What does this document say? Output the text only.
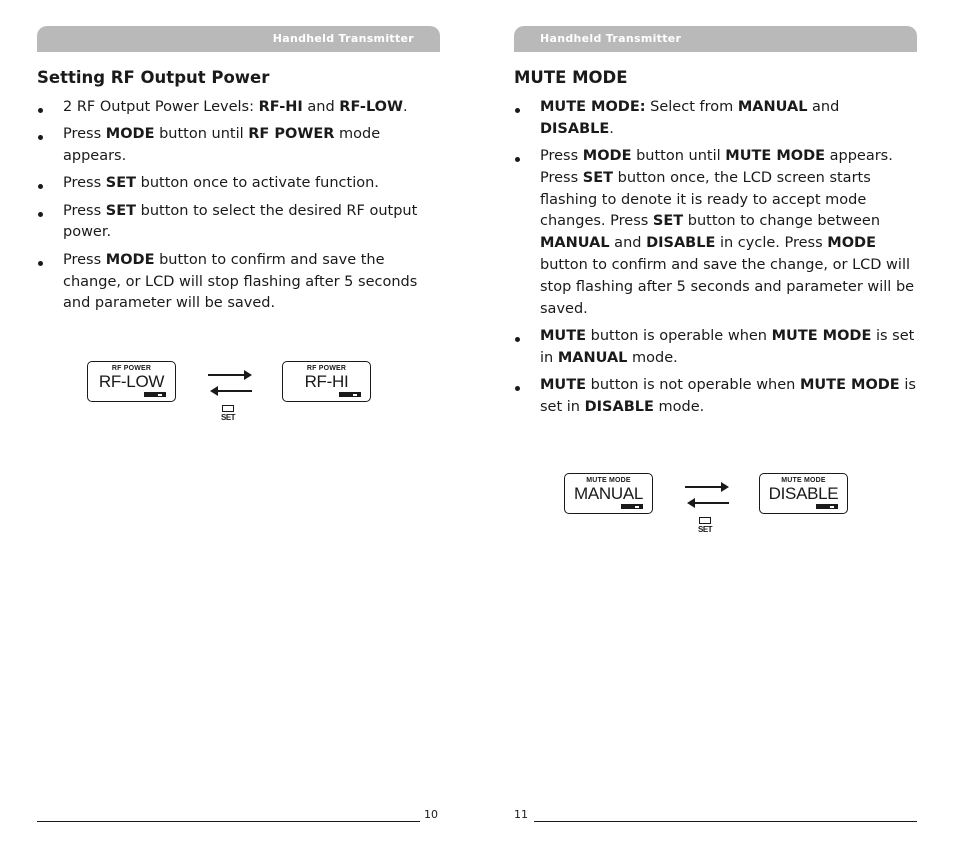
Handheld Transmitter
Setting RF Output Power
2 RF Output Power Levels: RF-HI and RF-LOW.
Press MODE button until RF POWER mode appears.
Press SET button once to activate function.
Press SET button to select the desired RF output power.
Press MODE button to confirm and save the change, or LCD will stop flashing after 5 seconds and parameter will be saved.
RF POWER
RF-LOW
SET
RF POWER
RF-HI
10
Handheld Transmitter
MUTE MODE
MUTE MODE: Select from MANUAL and DISABLE.
Press MODE button until MUTE MODE appears. Press SET button once, the LCD screen starts flashing to denote it is ready to accept mode changes. Press SET button to change between MANUAL and DISABLE in cycle. Press MODE button to confirm and save the change, or LCD will stop flashing after 5 seconds and parameter will be saved.
MUTE button is operable when MUTE MODE is set in MANUAL mode.
MUTE button is not operable when MUTE MODE is set in DISABLE mode.
MUTE MODE
MANUAL
SET
MUTE MODE
DISABLE
11
